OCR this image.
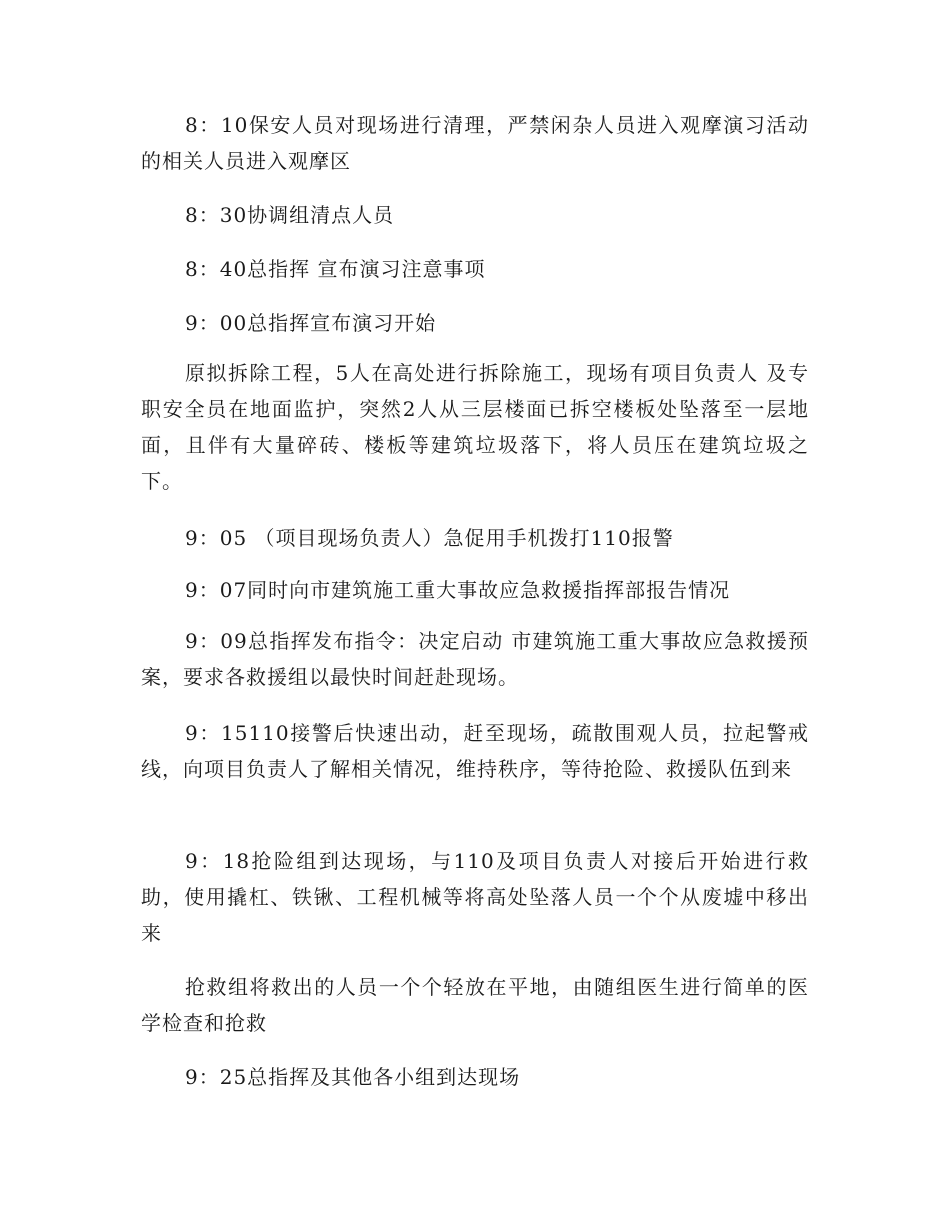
8：10保安人员对现场进行清理，严禁闲杂人员进入观摩演习活动的相关人员进入观摩区

8：30协调组清点人员

8：40总指挥 宣布演习注意事项

9：00总指挥宣布演习开始

原拟拆除工程，5人在高处进行拆除施工，现场有项目负责人 及专职安全员在地面监护，突然2人从三层楼面已拆空楼板处坠落至一层地面，且伴有大量碎砖、楼板等建筑垃圾落下，将人员压在建筑垃圾之下。

9：05 （项目现场负责人）急促用手机拨打110报警

9：07同时向市建筑施工重大事故应急救援指挥部报告情况

9：09总指挥发布指令：决定启动 市建筑施工重大事故应急救援预案，要求各救援组以最快时间赶赴现场。

9：15110接警后快速出动，赶至现场，疏散围观人员，拉起警戒线，向项目负责人了解相关情况，维持秩序，等待抢险、救援队伍到来

9：18抢险组到达现场，与110及项目负责人对接后开始进行救助，使用撬杠、铁锹、工程机械等将高处坠落人员一个个从废墟中移出来

抢救组将救出的人员一个个轻放在平地，由随组医生进行简单的医学检查和抢救

9：25总指挥及其他各小组到达现场
